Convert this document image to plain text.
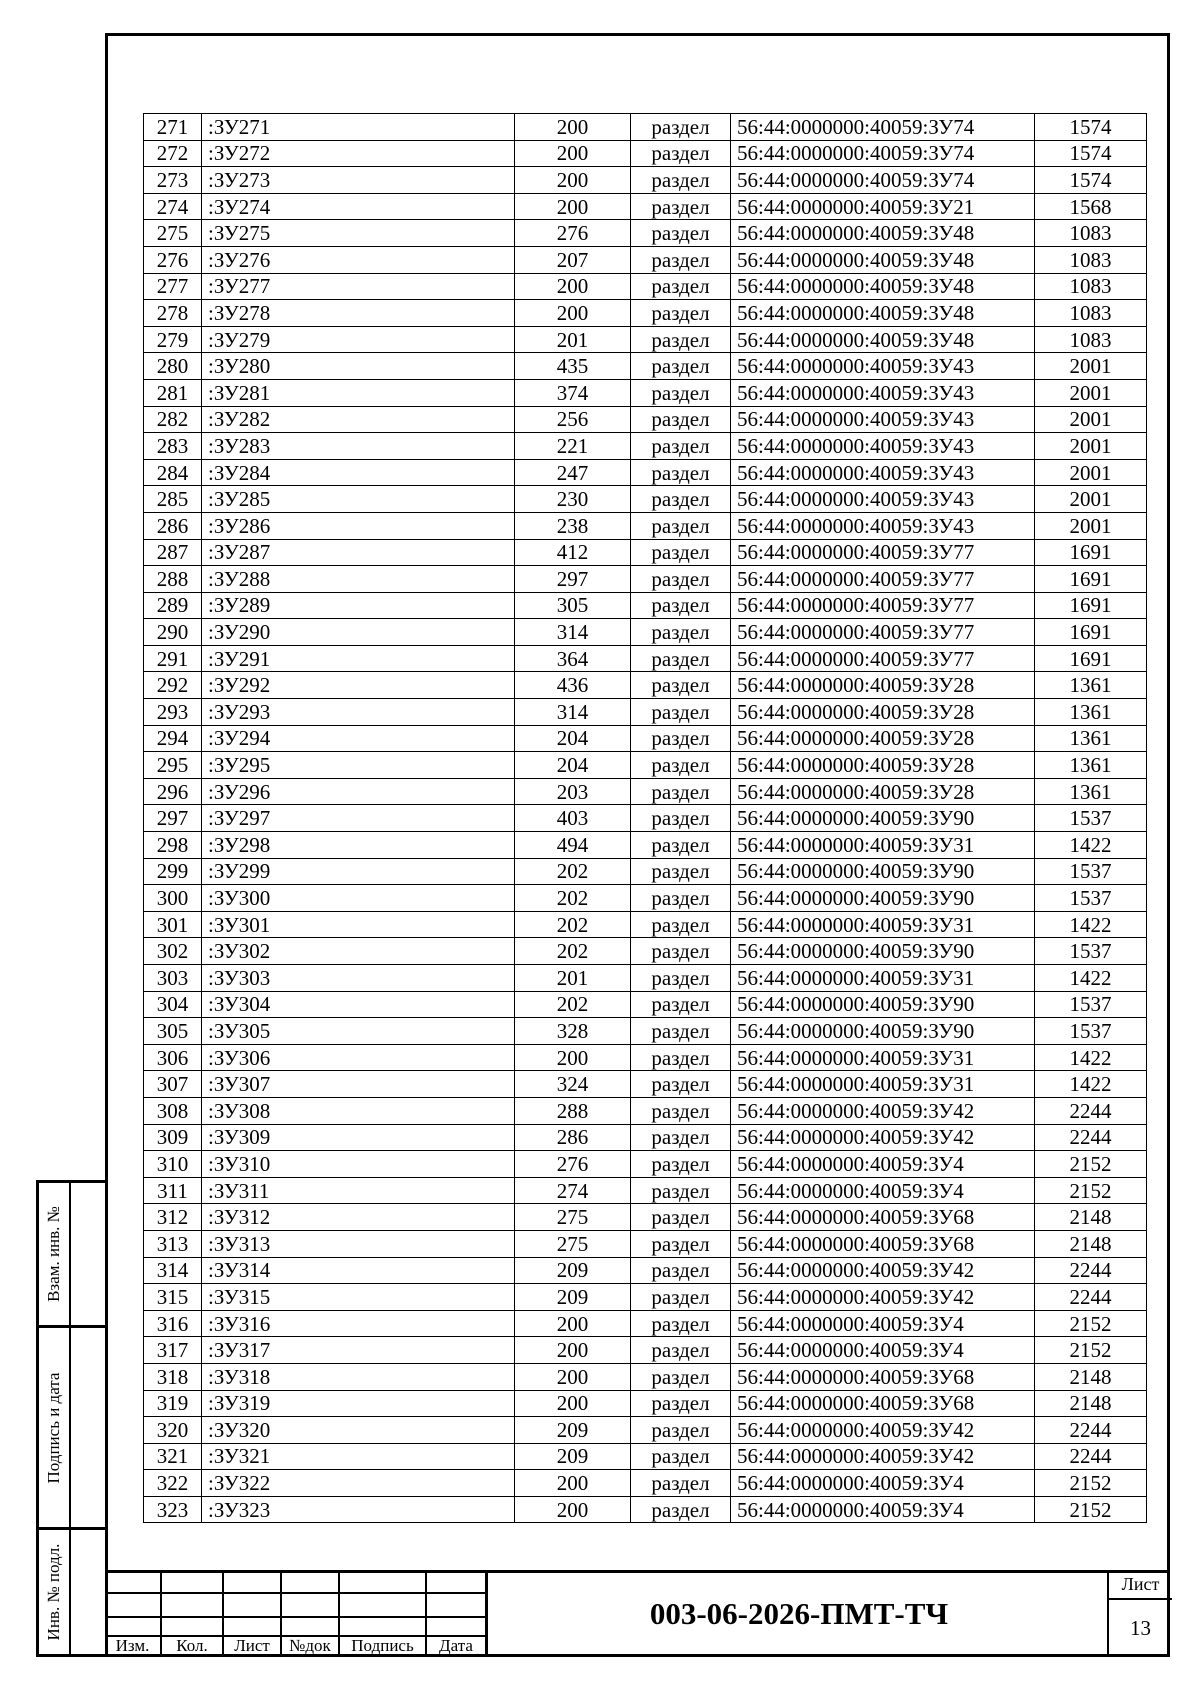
Взам. инв. №
Подпись и дата
Инв. № подл.
271	:ЗУ271	200	раздел	56:44:0000000:40059:ЗУ74	1574
272	:ЗУ272	200	раздел	56:44:0000000:40059:ЗУ74	1574
273	:ЗУ273	200	раздел	56:44:0000000:40059:ЗУ74	1574
274	:ЗУ274	200	раздел	56:44:0000000:40059:ЗУ21	1568
275	:ЗУ275	276	раздел	56:44:0000000:40059:ЗУ48	1083
276	:ЗУ276	207	раздел	56:44:0000000:40059:ЗУ48	1083
277	:ЗУ277	200	раздел	56:44:0000000:40059:ЗУ48	1083
278	:ЗУ278	200	раздел	56:44:0000000:40059:ЗУ48	1083
279	:ЗУ279	201	раздел	56:44:0000000:40059:ЗУ48	1083
280	:ЗУ280	435	раздел	56:44:0000000:40059:ЗУ43	2001
281	:ЗУ281	374	раздел	56:44:0000000:40059:ЗУ43	2001
282	:ЗУ282	256	раздел	56:44:0000000:40059:ЗУ43	2001
283	:ЗУ283	221	раздел	56:44:0000000:40059:ЗУ43	2001
284	:ЗУ284	247	раздел	56:44:0000000:40059:ЗУ43	2001
285	:ЗУ285	230	раздел	56:44:0000000:40059:ЗУ43	2001
286	:ЗУ286	238	раздел	56:44:0000000:40059:ЗУ43	2001
287	:ЗУ287	412	раздел	56:44:0000000:40059:ЗУ77	1691
288	:ЗУ288	297	раздел	56:44:0000000:40059:ЗУ77	1691
289	:ЗУ289	305	раздел	56:44:0000000:40059:ЗУ77	1691
290	:ЗУ290	314	раздел	56:44:0000000:40059:ЗУ77	1691
291	:ЗУ291	364	раздел	56:44:0000000:40059:ЗУ77	1691
292	:ЗУ292	436	раздел	56:44:0000000:40059:ЗУ28	1361
293	:ЗУ293	314	раздел	56:44:0000000:40059:ЗУ28	1361
294	:ЗУ294	204	раздел	56:44:0000000:40059:ЗУ28	1361
295	:ЗУ295	204	раздел	56:44:0000000:40059:ЗУ28	1361
296	:ЗУ296	203	раздел	56:44:0000000:40059:ЗУ28	1361
297	:ЗУ297	403	раздел	56:44:0000000:40059:ЗУ90	1537
298	:ЗУ298	494	раздел	56:44:0000000:40059:ЗУ31	1422
299	:ЗУ299	202	раздел	56:44:0000000:40059:ЗУ90	1537
300	:ЗУ300	202	раздел	56:44:0000000:40059:ЗУ90	1537
301	:ЗУ301	202	раздел	56:44:0000000:40059:ЗУ31	1422
302	:ЗУ302	202	раздел	56:44:0000000:40059:ЗУ90	1537
303	:ЗУ303	201	раздел	56:44:0000000:40059:ЗУ31	1422
304	:ЗУ304	202	раздел	56:44:0000000:40059:ЗУ90	1537
305	:ЗУ305	328	раздел	56:44:0000000:40059:ЗУ90	1537
306	:ЗУ306	200	раздел	56:44:0000000:40059:ЗУ31	1422
307	:ЗУ307	324	раздел	56:44:0000000:40059:ЗУ31	1422
308	:ЗУ308	288	раздел	56:44:0000000:40059:ЗУ42	2244
309	:ЗУ309	286	раздел	56:44:0000000:40059:ЗУ42	2244
310	:ЗУ310	276	раздел	56:44:0000000:40059:ЗУ4	2152
311	:ЗУ311	274	раздел	56:44:0000000:40059:ЗУ4	2152
312	:ЗУ312	275	раздел	56:44:0000000:40059:ЗУ68	2148
313	:ЗУ313	275	раздел	56:44:0000000:40059:ЗУ68	2148
314	:ЗУ314	209	раздел	56:44:0000000:40059:ЗУ42	2244
315	:ЗУ315	209	раздел	56:44:0000000:40059:ЗУ42	2244
316	:ЗУ316	200	раздел	56:44:0000000:40059:ЗУ4	2152
317	:ЗУ317	200	раздел	56:44:0000000:40059:ЗУ4	2152
318	:ЗУ318	200	раздел	56:44:0000000:40059:ЗУ68	2148
319	:ЗУ319	200	раздел	56:44:0000000:40059:ЗУ68	2148
320	:ЗУ320	209	раздел	56:44:0000000:40059:ЗУ42	2244
321	:ЗУ321	209	раздел	56:44:0000000:40059:ЗУ42	2244
322	:ЗУ322	200	раздел	56:44:0000000:40059:ЗУ4	2152
323	:ЗУ323	200	раздел	56:44:0000000:40059:ЗУ4	2152
Изм.	Кол.	Лист	№док	Подпись	Дата
003-06-2026-ПМТ-ТЧ
Лист
13
